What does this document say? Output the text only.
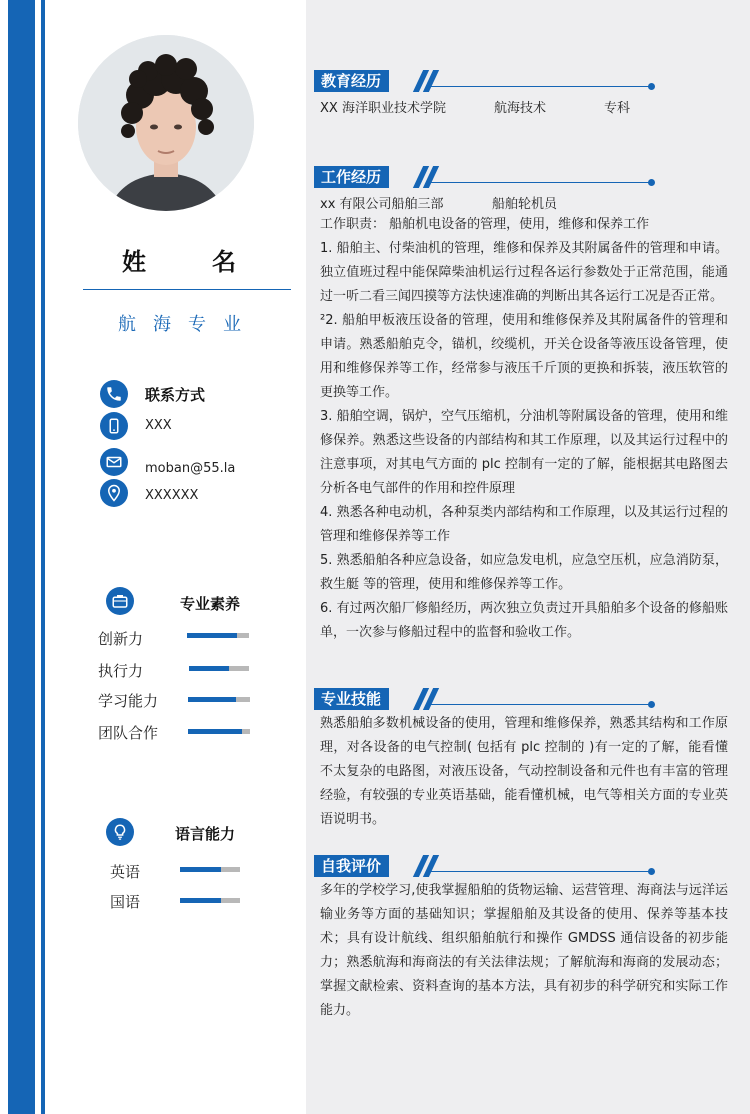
姓	名
航海专业
联系方式
XXX
moban@55.la
XXXXXX
专业素养
创新力
执行力
学习能力
团队合作
语言能力
英语
国语
教育经历
XX 海洋职业技术学院	航海技术	专科
工作经历
xx 有限公司船舶三部	船舶轮机员

工作职责： 船舶机电设备的管理，使用，维修和保养工作

1. 船舶主、付柴油机的管理，维修和保养及其附属备件的管理和申请。独立值班过程中能保障柴油机运行过程各运行参数处于正常范围，能通过一听二看三闻四摸等方法快速准确的判断出其各运行工况是否正常。

²2. 船舶甲板液压设备的管理，使用和维修保养及其附属备件的管理和申请。熟悉船舶克令，锚机，绞缆机，开关仓设备等液压设备管理，使用和维修保养等工作，经常参与液压千斤顶的更换和拆装，液压软管的更换等工作。

3. 船舶空调，锅炉，空气压缩机，分油机等附属设备的管理，使用和维修保养。熟悉这些设备的内部结构和其工作原理，以及其运行过程中的注意事项，对其电气方面的 plc 控制有一定的了解，能根据其电路图去分析各电气部件的作用和控件原理

4. 熟悉各种电动机，各种泵类内部结构和工作原理，以及其运行过程的管理和维修保养等工作

5. 熟悉船舶各种应急设备，如应急发电机，应急空压机，应急消防泵，救生艇 等的管理，使用和维修保养等工作。

6. 有过两次船厂修船经历，两次独立负责过开具船舶多个设备的修船账单，一次参与修船过程中的监督和验收工作。

专业技能

熟悉船舶多数机械设备的使用，管理和维修保养，熟悉其结构和工作原理，对各设备的电气控制( 包括有 plc 控制的 )有一定的了解，能看懂不太复杂的电路图，对液压设备，气动控制设备和元件也有丰富的管理经验，有较强的专业英语基础，能看懂机械，电气等相关方面的专业英语说明书。

自我评价

多年的学校学习,使我掌握船舶的货物运输、运营管理、海商法与远洋运输业务等方面的基础知识；掌握船舶及其设备的使用、保养等基本技术；具有设计航线、组织船舶航行和操作 GMDSS 通信设备的初步能力；熟悉航海和海商法的有关法律法规；了解航海和海商的发展动态；掌握文献检索、资料查询的基本方法，具有初步的科学研究和实际工作能力。
